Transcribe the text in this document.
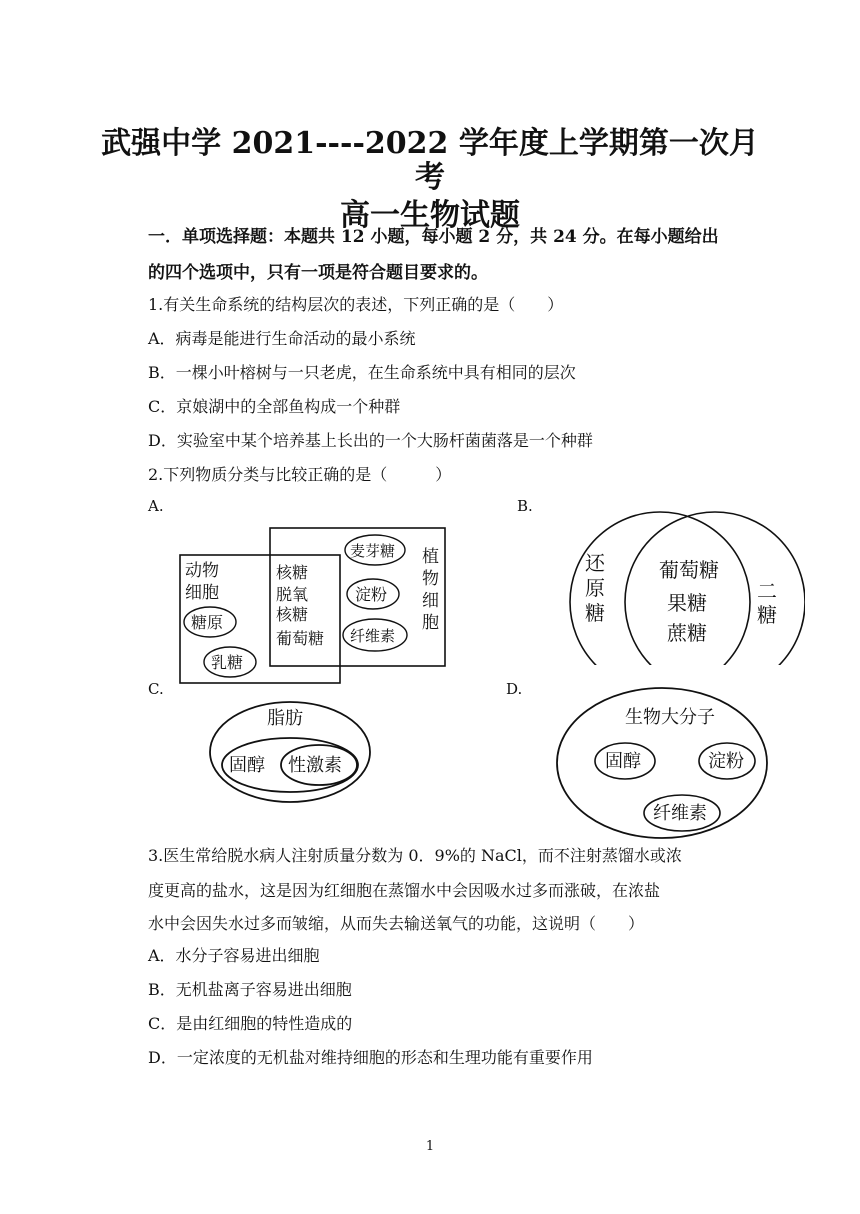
武强中学 2021----2022 学年度上学期第一次月
考
高一生物试题
一．单项选择题：本题共 12 小题，每小题 2 分，共 24 分。在每小题给出
的四个选项中，只有一项是符合题目要求的。
1.有关生命系统的结构层次的表述，下列正确的是（　　）
A．病毒是能进行生命活动的最小系统
B．一棵小叶榕树与一只老虎，在生命系统中具有相同的层次
C．京娘湖中的全部鱼构成一个种群
D．实验室中某个培养基上长出的一个大肠杆菌菌落是一个种群
2.下列物质分类与比较正确的是（　　　）
A.	B.
C.	D.
动物
细胞
糖原
乳糖
核糖
脱氧
核糖
葡萄糖
麦芽糖
淀粉
纤维素
植
物
细
胞
还
原
糖
葡萄糖
果糖
蔗糖
二
糖
脂肪
固醇 性激素
生物大分子
固醇	淀粉
纤维素
3.医生常给脱水病人注射质量分数为 0．9%的 NaCl，而不注射蒸馏水或浓
度更高的盐水，这是因为红细胞在蒸馏水中会因吸水过多而涨破，在浓盐
水中会因失水过多而皱缩，从而失去输送氧气的功能，这说明（　　）
A．水分子容易进出细胞
B．无机盐离子容易进出细胞
C．是由红细胞的特性造成的
D．一定浓度的无机盐对维持细胞的形态和生理功能有重要作用
1
